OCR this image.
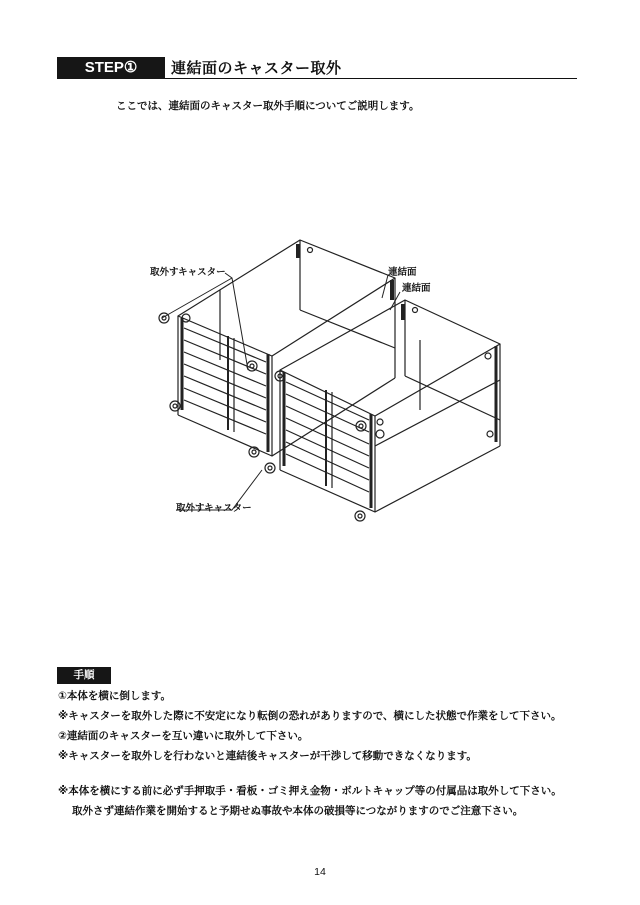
STEP①	連結面のキャスター取外
ここでは、連結面のキャスター取外手順についてご説明します。
取外すキャスター
取外すキャスター
連結面
連結面
手順
①本体を横に倒します。
※キャスターを取外した際に不安定になり転倒の恐れがありますので、横にした状態で作業をして下さい。
②連結面のキャスターを互い違いに取外して下さい。
※キャスターを取外しを行わないと連結後キャスターが干渉して移動できなくなります。
※本体を横にする前に必ず手押取手・看板・ゴミ押え金物・ボルトキャップ等の付属品は取外して下さい。
取外さず連結作業を開始すると予期せぬ事故や本体の破損等につながりますのでご注意下さい。
14
